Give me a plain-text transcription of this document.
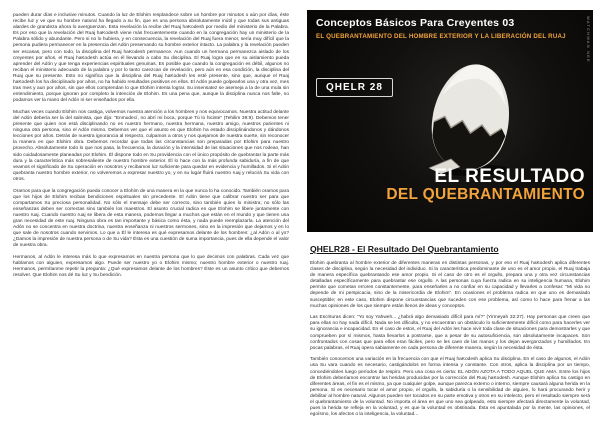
pueden durar días e inclusive minutos. Cuando la luz de Elohim resplandece sobre un hombre por minutos o aún por días, éste recibe luz y ve que su hombre natural ha llegado a su fin, que es una persona absolutamente inútil y que todas sus antiguas alardes de grandeza ahora lo avergüenzan. Esta revelación la recibe del Ruaj haKodesh por medio del ministerio de la Palabra. Es por eso que la revelación del Ruaj haKodesh viene más frecuentemente cuando en la congregación hay un ministerio de la Palabra sólido y abundante. Pero si no lo hubiera, y en consecuencia, la revelación del Ruaj fuera menor, sería muy difícil que la persona pudiera permanecer en la presencia del Adón preservando su hombre exterior intacto. La palabra y la revelación pueden ser escasas, pero con todo, la disciplina del Ruaj haKodesh permanece. Aun cuando un hermano permanezca aislado de los creyentes por años, el Ruaj haKodesh actúa en él llevando a cabo Su disciplina. El Ruaj logra que en su aislamiento pueda aprender del Adón y que tenga experiencias espirituales genuinas. Es posible que cuando la congregación es débil, algunos no reciban el ministerio adecuado de la palabra y por lo tanto carezcan de revelación, pero aún en esa condición, la disciplina del Ruaj que su presente. Esto no significa que la disciplina del Ruaj haKodesh les esté presente, sino que, aunque el Ruaj haKodesh los ha disciplinado por años, no ha habido resultados positivos en ellos. El Adón puede golpearlos una y otra vez, mes tras mes y aun por años, sin que ellos comprendan lo que Elohim intenta lograr. Su insensatez se asemeja a la de una mula sin entendimiento, porque ignoran por completo la intención de Elohim. Es una pena que, aunque la disciplina nunca nos falte, no podamos ver la mano del Adón ni ser enseñados por ella.

Muchas veces cuando Elohim nos castiga, volvemos nuestra atención a los hombres y nos equivocamos. Nuestra actitud delante del Adón debería ser la del salmista, que dijo: “Enmudecí, no abrí mi boca, porque Tú lo hiciste” (Tehilim 39:9). Debemos tener presente que quien nos está disciplinando no es nuestro hermano, nuestra hermana, nuestro amigo, nuestros parientes ni ninguna otra persona, sino el Adón mismo. Debemos ver que el asunto es que Elohim ha estado disciplinándonos y dándonos lecciones por años. Detrás de nuestra ignorancia al respecto, culpamos a otros y nos quejamos de nuestra suerte, sin reconocer la manera en que Elohim obra. Debemos recordar que todas las circunstancias son preparadas por Elohim para nuestro provecho. Absolutamente todo lo que nos pasa, la frecuencia, la duración y la intensidad de las situaciones que nos rodean, han sido cuidadosamente planeadas por Elohim. Él dispone todo en Su providencia con el único propósito de quebrantar la parte más dura y la característica más sobresaliente de nuestro hombre exterior. Él lo hace con la más profunda sabiduría, a fin de que veamos el significado de Su operación en nosotros y recibamos luz suficiente para quedar en evidencia y humillados. Si el Adón quebranta nuestro hombre exterior, no volveremos a expresar nuestro yo, y en su lugar fluirá nuestro ruaj y relucirá Su vida con otros.

Oramos para que la congregación pueda conocer a Elohim de una manera en la que nunca lo ha conocido. También oramos para que los hijos de Elohim reciban bendiciones espirituales sin precedente. El Adón tiene que calibrar nuestro ser para que compartamos Su preciosa personalidad. No sólo el mensaje debe ser correcto, sino también quien lo ministra; no sólo las enseñanzas deben ser correctas sino también los maestros. El asunto crucial radica en que Elohim se libere juntamente con nuestro ruaj. Cuando nuestro ruaj se libera de esta manera, podemos llegar a muchos que están en el mundo y que tienen una gran necesidad de este ruaj. Ninguna obra es tan importante y básica como ésta, y nada puede reemplazarla. La atención del Adón no se concentra en nuestra doctrina, nuestra enseñanza ni nuestros sermones, sino en la impresión que dejamos y en lo que sale de nosotros cuando servimos. Lo que a Él le interesa es qué expresamos delante de los hombres: ¿al Adón o al yo? ¿Damos la impresión de nuestra persona o de Su vida? Ésta es una cuestión de suma importancia, pues de ella depende el valor de nuestra obra.

Hermanos, al Adón le interesa más lo que expresamos en nuestra persona que lo que decimos con palabras. Cada vez que hablamos con alguien, expresamos algo. Puede ser nuestro yo o Elohim mismo; nuestro hombre exterior o nuestro ruaj. Hermanos, permítanme repetir la pregunta: ¿Qué expresamos delante de los hombres? Éste es un asunto crítico que debemos resolver. Que Elohim nos dé Su luz y Su bendición.

Conceptos Básicos Para Creyentes 03
EL QUEBRANTAMIENTO DEL HOMBRE EXTERIOR Y LA LIBERACIÓN DEL RUAJ
QHELR 28
WATCHMAN NEE
EL RESULTADO
DEL QUEBRANTAMIENTO
QHELR28 - El Resultado Del Quebrantamiento

Elohim quebranta al hombre exterior de diferentes maneras en distintas personas, y por eso el Ruaj haKodesh aplica diferentes clases de disciplina, según la necesidad del individuo. Si la característica predominante de uno es el amor propio, el Ruaj trabaja de manera específica quebrantando ese amor propio. Si el caso de otro es el orgullo, prepara una y otra vez circunstancias detalladas específicamente para quebrantar ese orgullo. A las personas cuya fuerza radica en su inteligencia humana, Elohim permite que cometan errores constantemente, para enseñarles a no confiar en su capacidad y llevarles a confesar: “Mi vida no depende de mi perspicacia, sino de la misericordia de Elohim”. En ocasiones el problema radica en que uno es demasiado susceptible; en este caso, Elohim dispone circunstancias que suceden con ese problema, así como lo hace para frenar a las muchas opiniones de los que siempre están llenos de ideas y conceptos.

Las Escrituras dicen: “Yo soy Yahweh... ¿habrá algo demasiado difícil para mí?” (Yirmeyah 32:27). Hay personas que creen que para ellas no hay nada difícil. Nada se les dificulta, y no encuentran un obstáculo lo suficientemente difícil como para hacerles ver su ignorancia e incapacidad. En el caso de estos, el Ruaj del Adón les hace vivir toda clase de situaciones para demostrarles y que comprueben por sí mismos, hasta llevarlos a postrarse, que a pesar de su autosuficiencia, son absolutamente incapaces. Son confrontados con cosas que para ellos eran fáciles, pero se les caen de las manos y los dejan avergonzados y humillados. En pocas palabras, el Ruaj opera sabiamente en cada persona de diferente manera, según la necesidad de ésta.

También conocemos una variación en la frecuencia con que el Ruaj haKodesh aplica Su disciplina. En el caso de algunos, el Adón usa Su vara cuando es necesario, castigándolos en forma intensa y constante. Con otros, aplica la disciplina por un tiempo, concediéndoles luego períodos de respiro. Pero una cosa es cierta: EL ADÓN AZOTA A TODO AQUEL QUE AMA. Entre los hijos de Elohim deberíamos encontrar las heridas producidas por la corrección del Ruaj haKodesh. Aunque Elohim aplica Su castigo en diferentes áreas, el fin es el mismo, ya que cualquier golpe, aunque parezca externo o interno, siempre causará alguna herida en la persona. Si es necesario tocar el amor propio, el orgullo, la sabiduría o la sensibilidad de alguien, lo hará procurando herir y debilitar al hombre natural. Algunos pueden ser tocados en su parte emotiva y otros en su intelecto, pero el resultado siempre será el quebrantamiento de la voluntad. No importa el área en que uno sea golpeado, esto siempre afectará directamente la voluntad, pues la herida se refleja en la voluntad, y es que la voluntad es obstinada. Ésta es apuntalada por la mente, las opiniones, el egoísmo, los afectos o la inteligencia, la voluntad...
